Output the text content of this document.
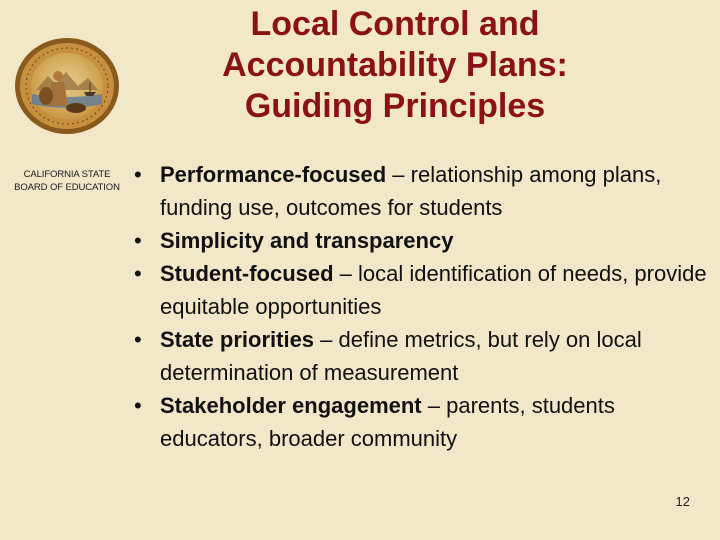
CALIFORNIA STATE
BOARD OF EDUCATION
Local Control and
Accountability Plans:
Guiding Principles
• Performance-focused – relationship among plans, funding use, outcomes for students
• Simplicity and transparency
• Student-focused – local identification of needs, provide equitable opportunities
• State priorities – define metrics, but rely on local determination of measurement
• Stakeholder engagement – parents, students educators, broader community
12
